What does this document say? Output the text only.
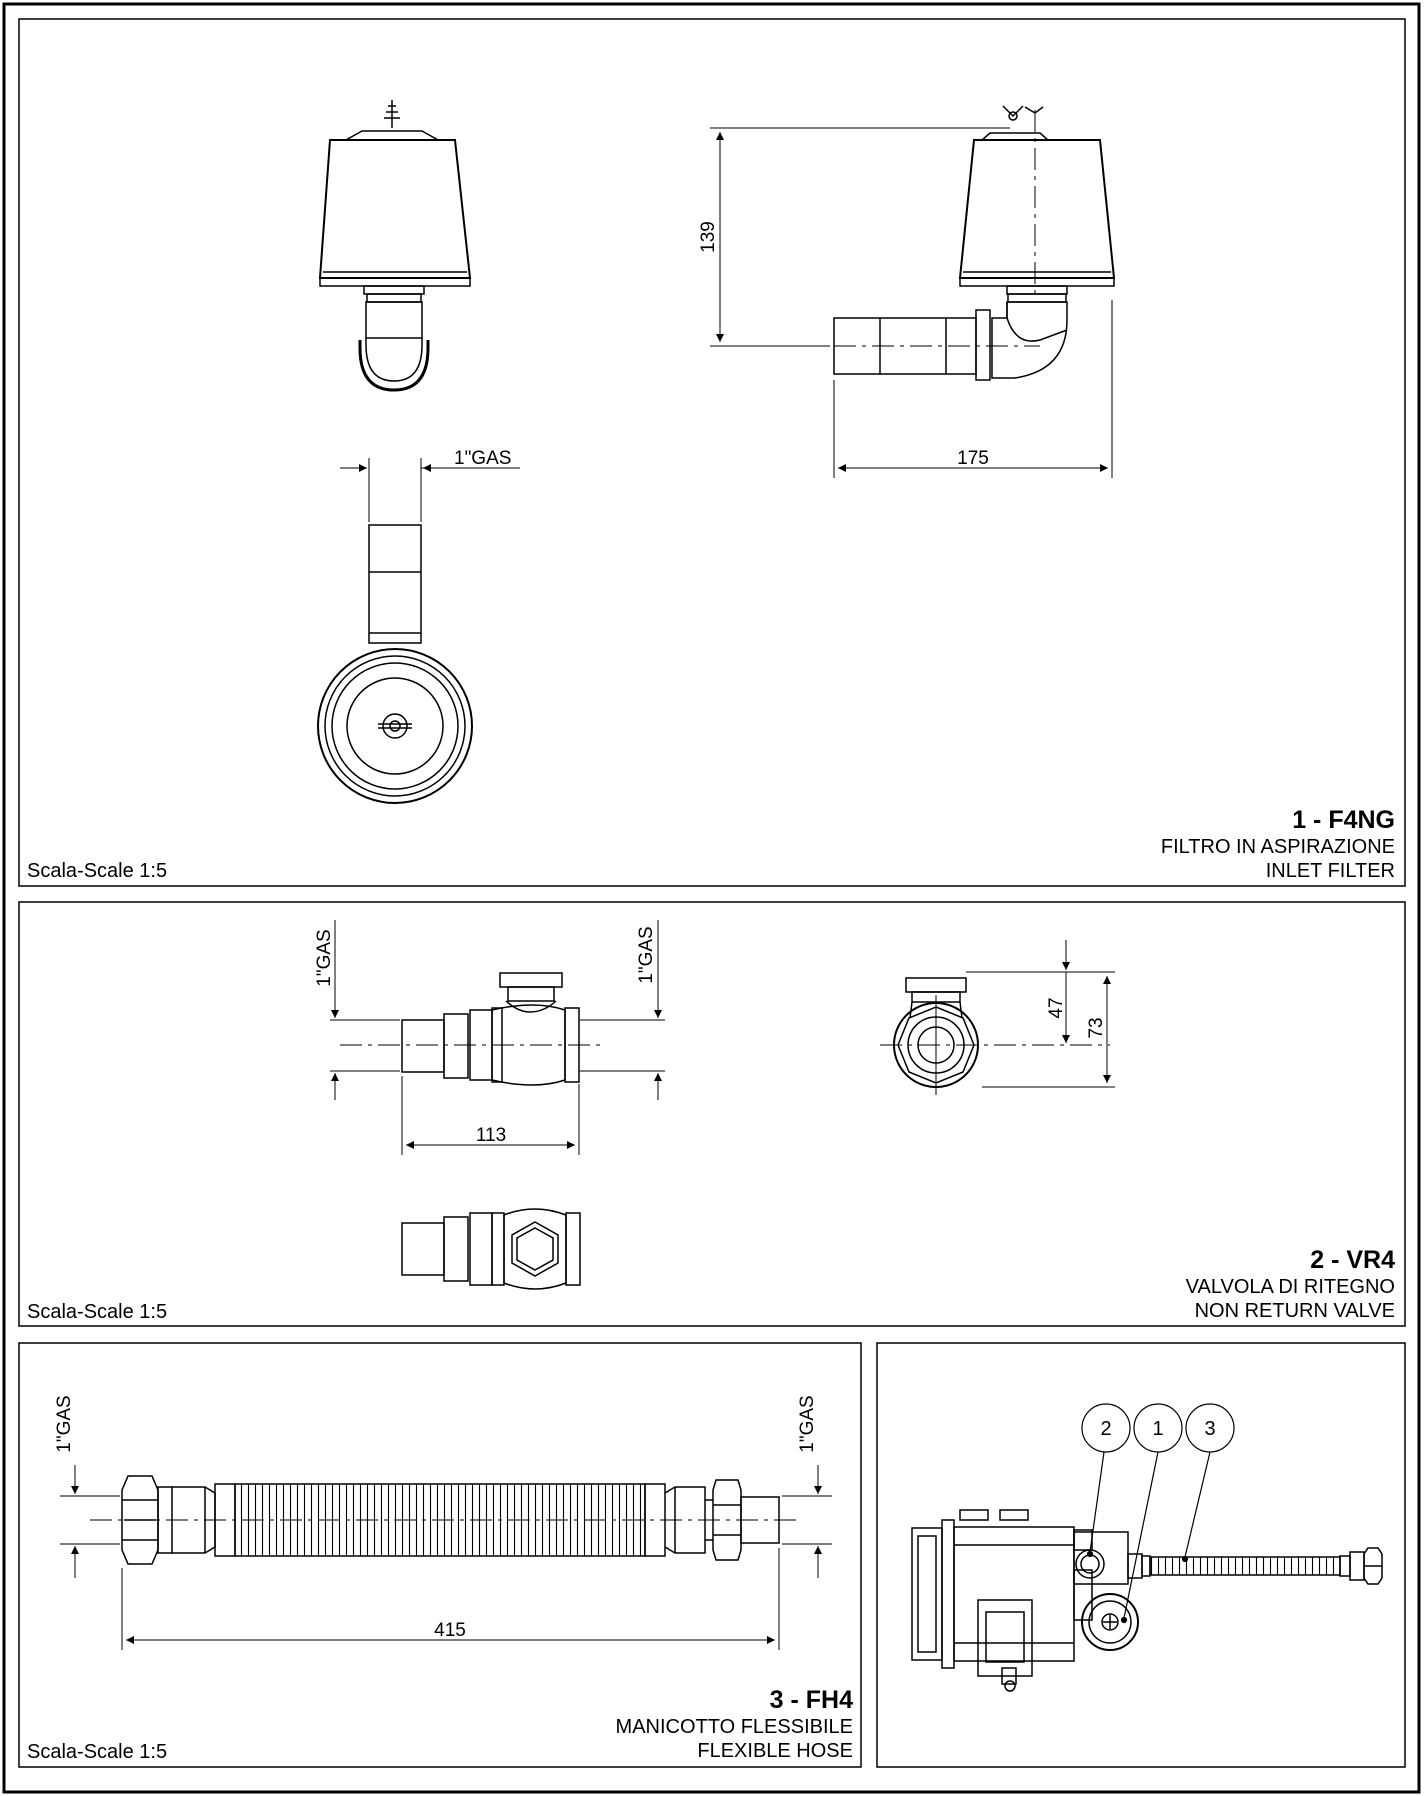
139
175
1"GAS
1 - F4NG
FILTRO IN ASPIRAZIONE
INLET FILTER
Scala-Scale 1:5
1"GAS	1"GAS
113
47
73
2 - VR4
VALVOLA DI RITEGNO
NON RETURN VALVE
Scala-Scale 1:5
1"GAS	1"GAS
415
3 - FH4
MANICOTTO FLESSIBILE
FLEXIBLE HOSE
Scala-Scale 1:5
2 1 3
